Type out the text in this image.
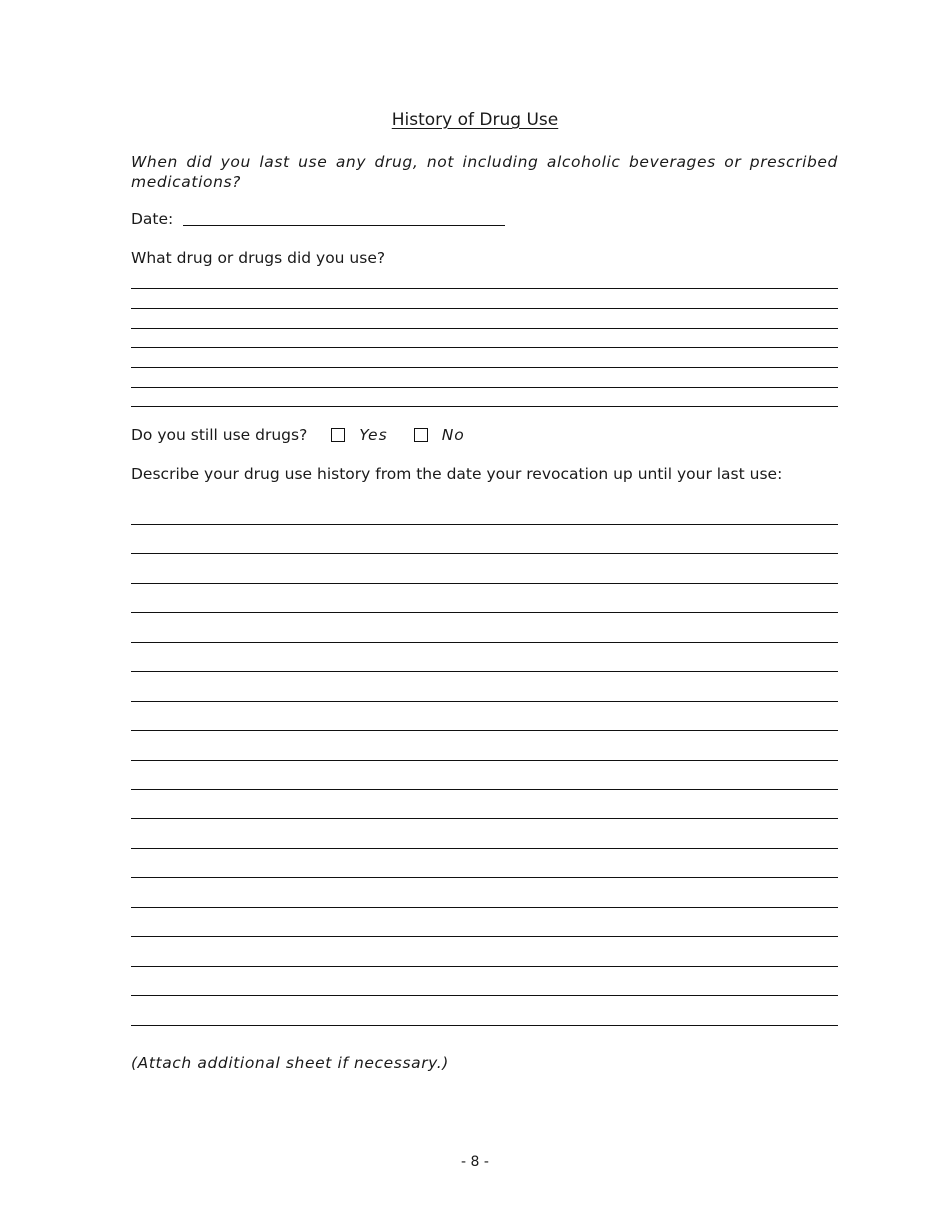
History of Drug Use
When did you last use any drug, not including alcoholic beverages or prescribed medications?
Date:
What drug or drugs did you use?
Do you still use drugs?	Yes	No
Describe your drug use history from the date your revocation up until your last use:
(Attach additional sheet if necessary.)
- 8 -
